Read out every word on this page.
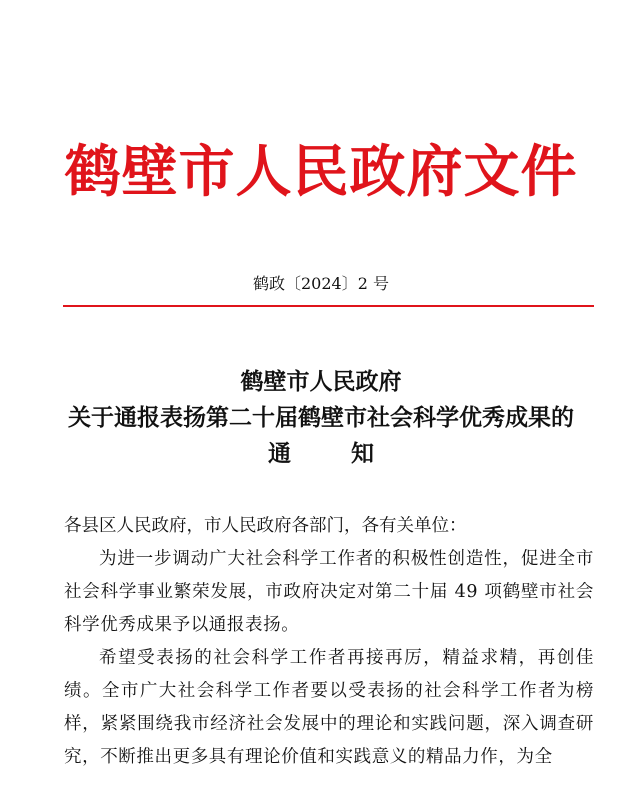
鹤壁市人民政府文件
鹤政〔2024〕2 号
鹤壁市人民政府
关于通报表扬第二十届鹤壁市社会科学优秀成果的
通	知

各县区人民政府，市人民政府各部门，各有关单位：

为进一步调动广大社会科学工作者的积极性创造性，促进全市社会科学事业繁荣发展，市政府决定对第二十届 49 项鹤壁市社会科学优秀成果予以通报表扬。

希望受表扬的社会科学工作者再接再厉，精益求精，再创佳绩。全市广大社会科学工作者要以受表扬的社会科学工作者为榜样，紧紧围绕我市经济社会发展中的理论和实践问题，深入调查研究，不断推出更多具有理论价值和实践意义的精品力作，为全
